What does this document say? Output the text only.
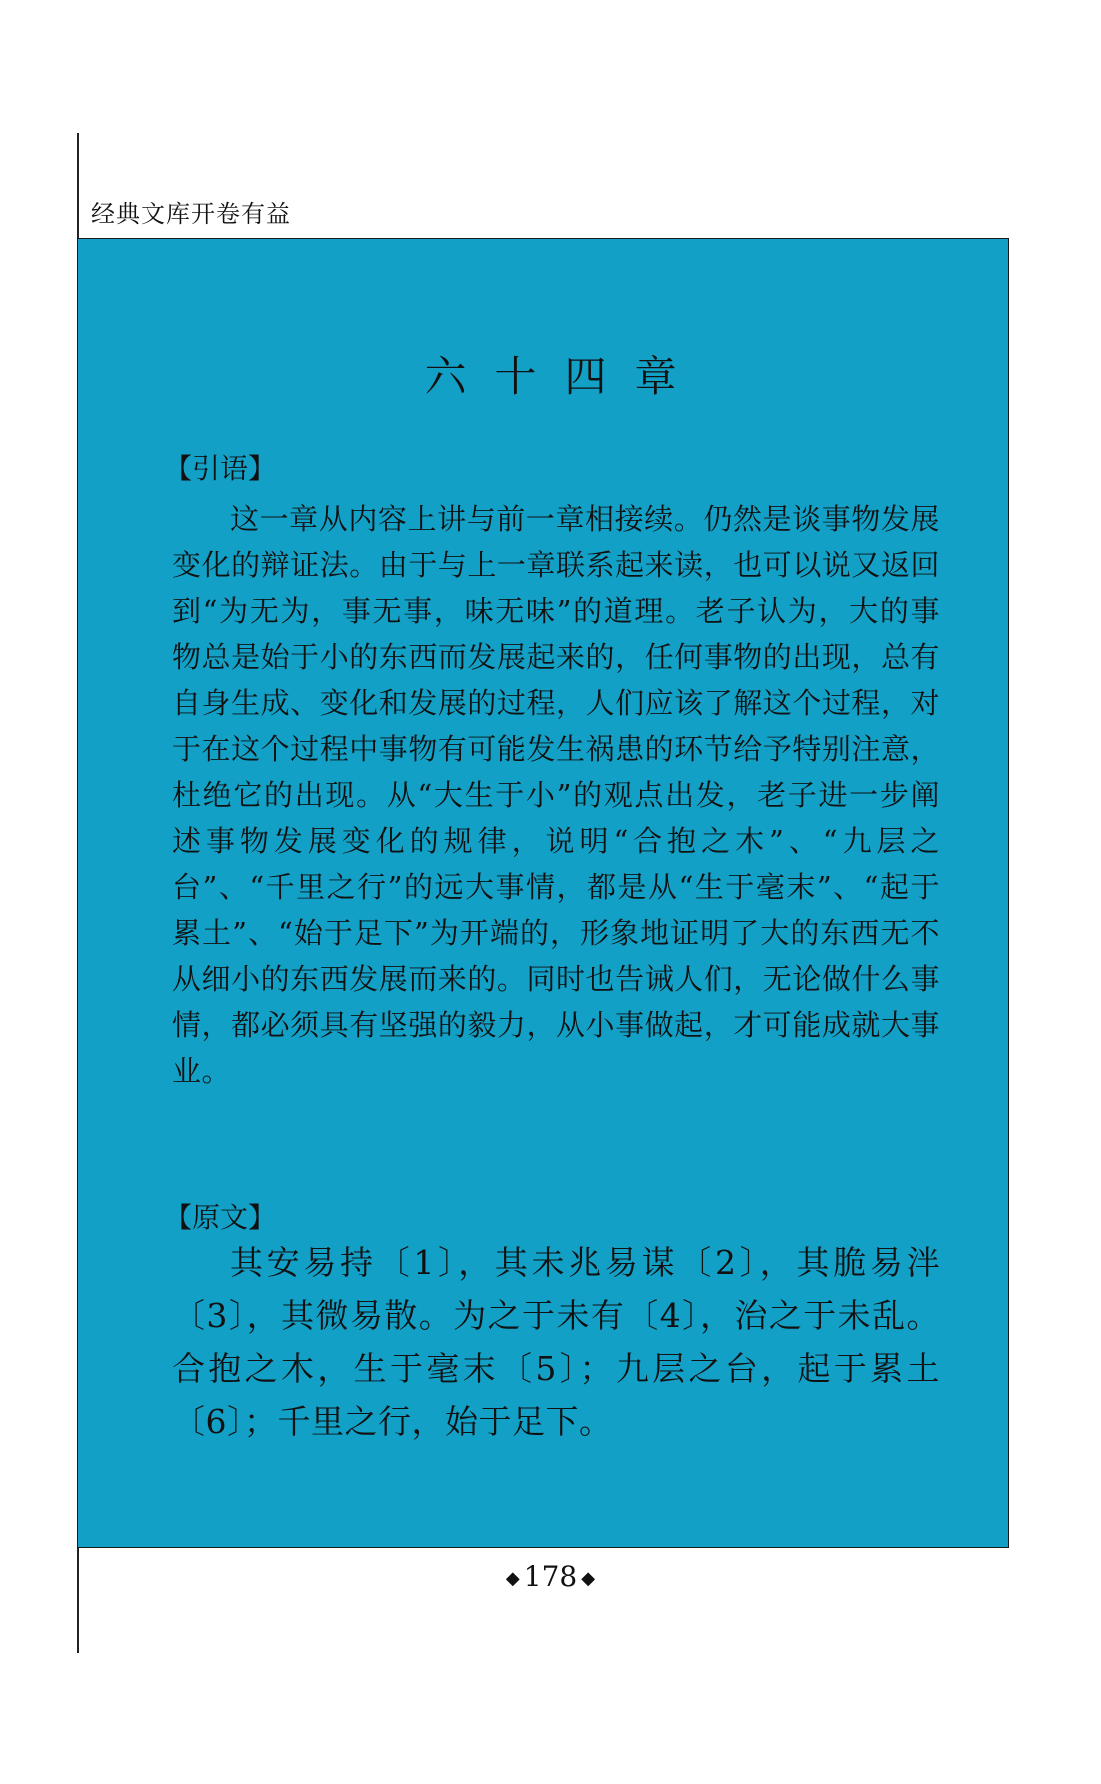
经典文库开卷有益
六十四章
【引语】

这一章从内容上讲与前一章相接续。仍然是谈事物发展变化的辩证法。由于与上一章联系起来读，也可以说又返回到“为无为，事无事，味无味”的道理。老子认为，大的事物总是始于小的东西而发展起来的，任何事物的出现，总有自身生成、变化和发展的过程，人们应该了解这个过程，对于在这个过程中事物有可能发生祸患的环节给予特别注意，杜绝它的出现。从“大生于小”的观点出发，老子进一步阐述事物发展变化的规律，说明“合抱之木”、“九层之台”、“千里之行”的远大事情，都是从“生于毫末”、“起于累土”、“始于足下”为开端的，形象地证明了大的东西无不从细小的东西发展而来的。同时也告诫人们，无论做什么事情，都必须具有坚强的毅力，从小事做起，才可能成就大事业。

【原文】

其安易持〔1〕，其未兆易谋〔2〕，其脆易泮〔3〕，其微易散。为之于未有〔4〕，治之于未乱。合抱之木，生于毫末〔5〕；九层之台，起于累土〔6〕；千里之行，始于足下。

◆ 178 ◆
